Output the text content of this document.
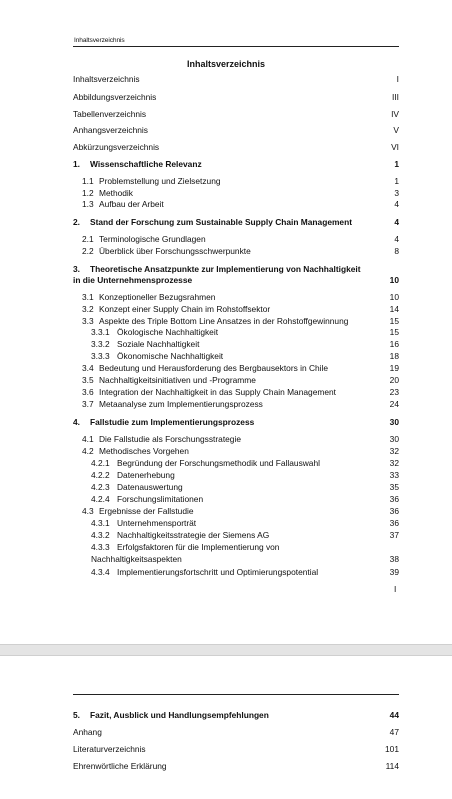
Inhaltsverzeichnis
Inhaltsverzeichnis
Inhaltsverzeichnis	I
Abbildungsverzeichnis	III
Tabellenverzeichnis	IV
Anhangsverzeichnis	V
Abkürzungsverzeichnis	VI
1.	Wissenschaftliche Relevanz	1
1.1 Problemstellung und Zielsetzung	1
1.2 Methodik	3
1.3 Aufbau der Arbeit	4
2.	Stand der Forschung zum Sustainable Supply Chain Management	4
2.1 Terminologische Grundlagen	4
2.2 Überblick über Forschungsschwerpunkte	8
3.	Theoretische Ansatzpunkte zur Implementierung von Nachhaltigkeit
in die Unternehmensprozesse	10
3.1 Konzeptioneller Bezugsrahmen	10
3.2 Konzept einer Supply Chain im Rohstoffsektor	14
3.3 Aspekte des Triple Bottom Line Ansatzes in der Rohstoffgewinnung	15
3.3.1 Ökologische Nachhaltigkeit	15
3.3.2 Soziale Nachhaltigkeit	16
3.3.3 Ökonomische Nachhaltigkeit	18
3.4 Bedeutung und Herausforderung des Bergbausektors in Chile	19
3.5 Nachhaltigkeitsinitiativen und -Programme	20
3.6 Integration der Nachhaltigkeit in das Supply Chain Management	23
3.7 Metaanalyse zum Implementierungsprozess	24
4.	Fallstudie zum Implementierungsprozess	30
4.1 Die Fallstudie als Forschungsstrategie	30
4.2 Methodisches Vorgehen	32
4.2.1 Begründung der Forschungsmethodik und Fallauswahl	32
4.2.2 Datenerhebung	33
4.2.3 Datenauswertung	35
4.2.4 Forschungslimitationen	36
4.3 Ergebnisse der Fallstudie	36
4.3.1 Unternehmensporträt	36
4.3.2 Nachhaltigkeitsstrategie der Siemens AG	37
4.3.3 Erfolgsfaktoren für die Implementierung von
Nachhaltigkeitsaspekten	38
4.3.4 Implementierungsfortschritt und Optimierungspotential	39
I
5.	Fazit, Ausblick und Handlungsempfehlungen	44
Anhang	47
Literaturverzeichnis	101
Ehrenwörtliche Erklärung	114
